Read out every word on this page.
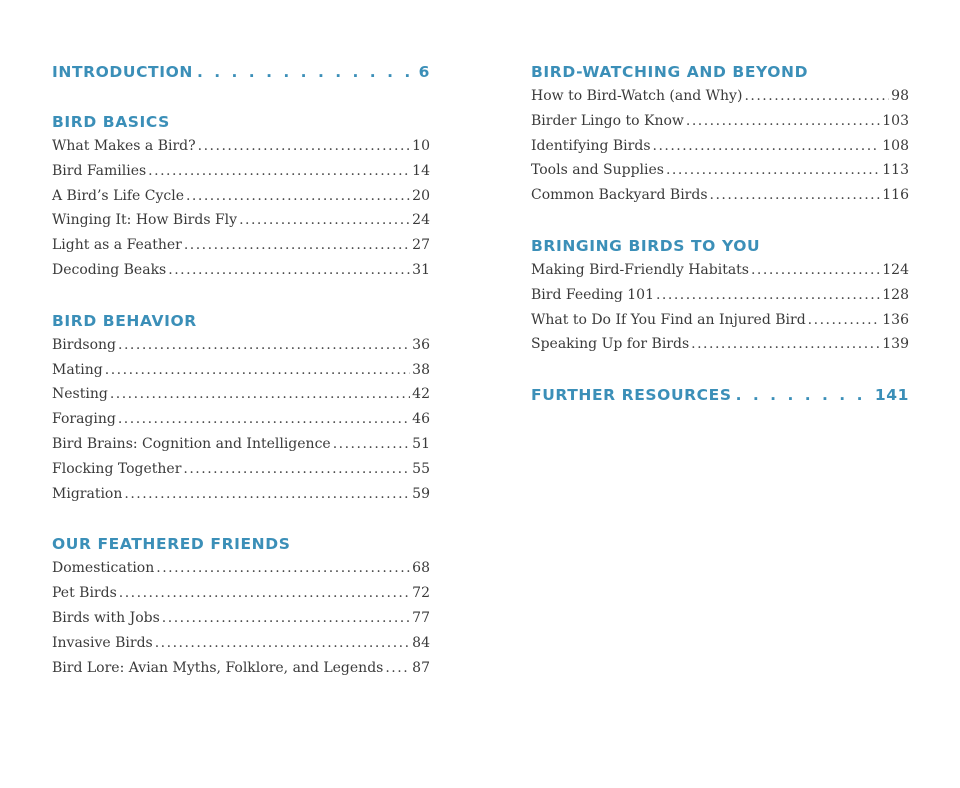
INTRODUCTION . . .	6
BIRD BASICS
What Makes a Bird? .....	10
Bird Families .....	14
A Bird’s Life Cycle .....	20
Winging It: How Birds Fly .....	24
Light as a Feather .....	27
Decoding Beaks .....	31
BIRD BEHAVIOR
Birdsong .....	36
Mating .....	38
Nesting .....	42
Foraging .....	46
Bird Brains: Cognition and Intelligence .....	51
Flocking Together .....	55
Migration .....	59
OUR FEATHERED FRIENDS
Domestication .....	68
Pet Birds .....	72
Birds with Jobs .....	77
Invasive Birds .....	84
Bird Lore: Avian Myths, Folklore, and Legends ..... 87
BIRD-WATCHING AND BEYOND
How to Bird-Watch (and Why) .....	98
Birder Lingo to Know .....	103
Identifying Birds .....	108
Tools and Supplies .....	113
Common Backyard Birds .....	116
BRINGING BIRDS TO YOU
Making Bird-Friendly Habitats .....	124
Bird Feeding 101 .....	128
What to Do If You Find an Injured Bird .....	136
Speaking Up for Birds .....	139
FURTHER RESOURCES . . .	141
